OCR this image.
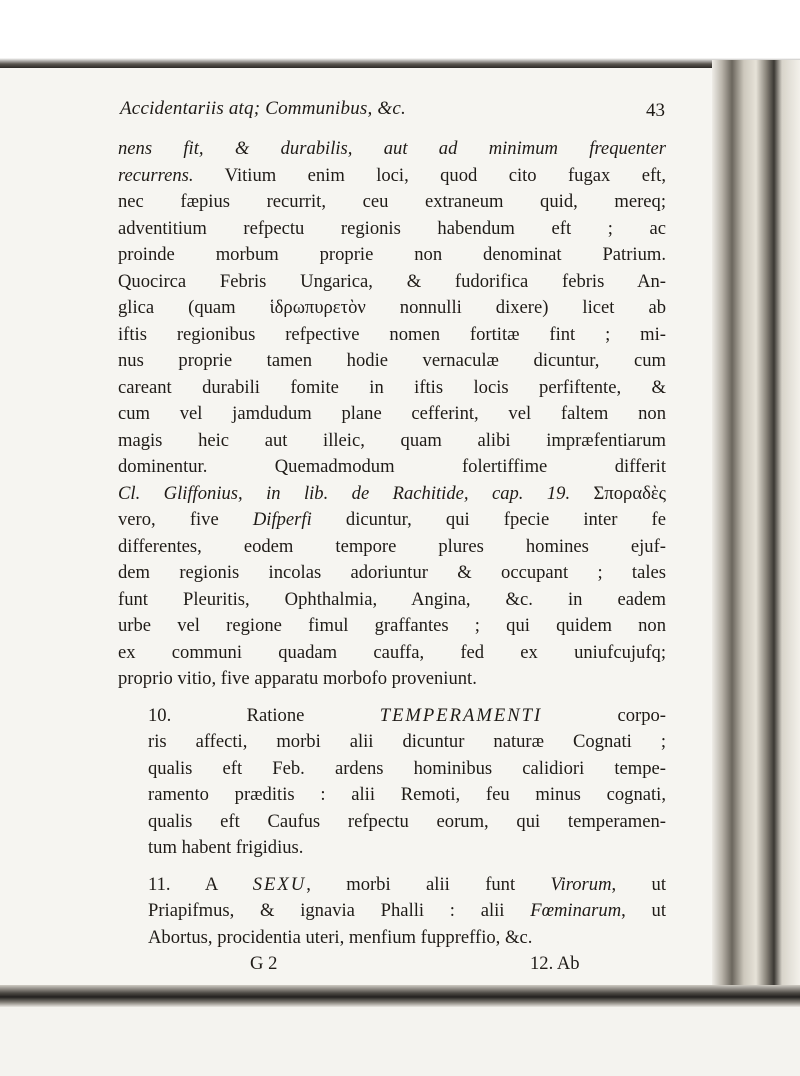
Accidentariis atq; Communibus, &c.	43

nens fit, & durabilis, aut ad minimum frequenter
recurrens. Vitium enim loci, quod cito fugax eft,
nec fæpius recurrit, ceu extraneum quid, mereq;
adventitium refpectu regionis habendum eft ; ac
proinde morbum proprie non denominat Patrium.
Quocirca Febris Ungarica, & fudorifica febris An-
glica (quam ἱδρωπυρετὸν nonnulli dixere) licet ab
iftis regionibus refpective nomen fortitæ fint ; mi-
nus proprie tamen hodie vernaculæ dicuntur, cum
careant durabili fomite in iftis locis perfiftente, &
cum vel jamdudum plane cefferint, vel faltem non
magis heic aut illeic, quam alibi impræfentiarum
dominentur. Quemadmodum folertiffime differit
Cl. Gliffonius, in lib. de Rachitide, cap. 19. Σποραδὲς
vero, five Difperfi dicuntur, qui fpecie inter fe
differentes, eodem tempore plures homines ejuf-
dem regionis incolas adoriuntur & occupant ; tales
funt Pleuritis, Ophthalmia, Angina, &c. in eadem
urbe vel regione fimul graffantes ; qui quidem non
ex communi quadam cauffa, fed ex uniufcujufq;
proprio vitio, five apparatu morbofo proveniunt.

10. Ratione TEMPERAMENTI corpo-
ris affecti, morbi alii dicuntur naturæ Cognati ;
qualis eft Feb. ardens hominibus calidiori tempe-
ramento præditis : alii Remoti, feu minus cognati,
qualis eft Caufus refpectu eorum, qui temperamen-
tum habent frigidius.

11. A SEXU, morbi alii funt Virorum, ut
Priapifmus, & ignavia Phalli : alii Fœminarum, ut
Abortus, procidentia uteri, menfium fuppreffio, &c.

G 2	12. Ab
